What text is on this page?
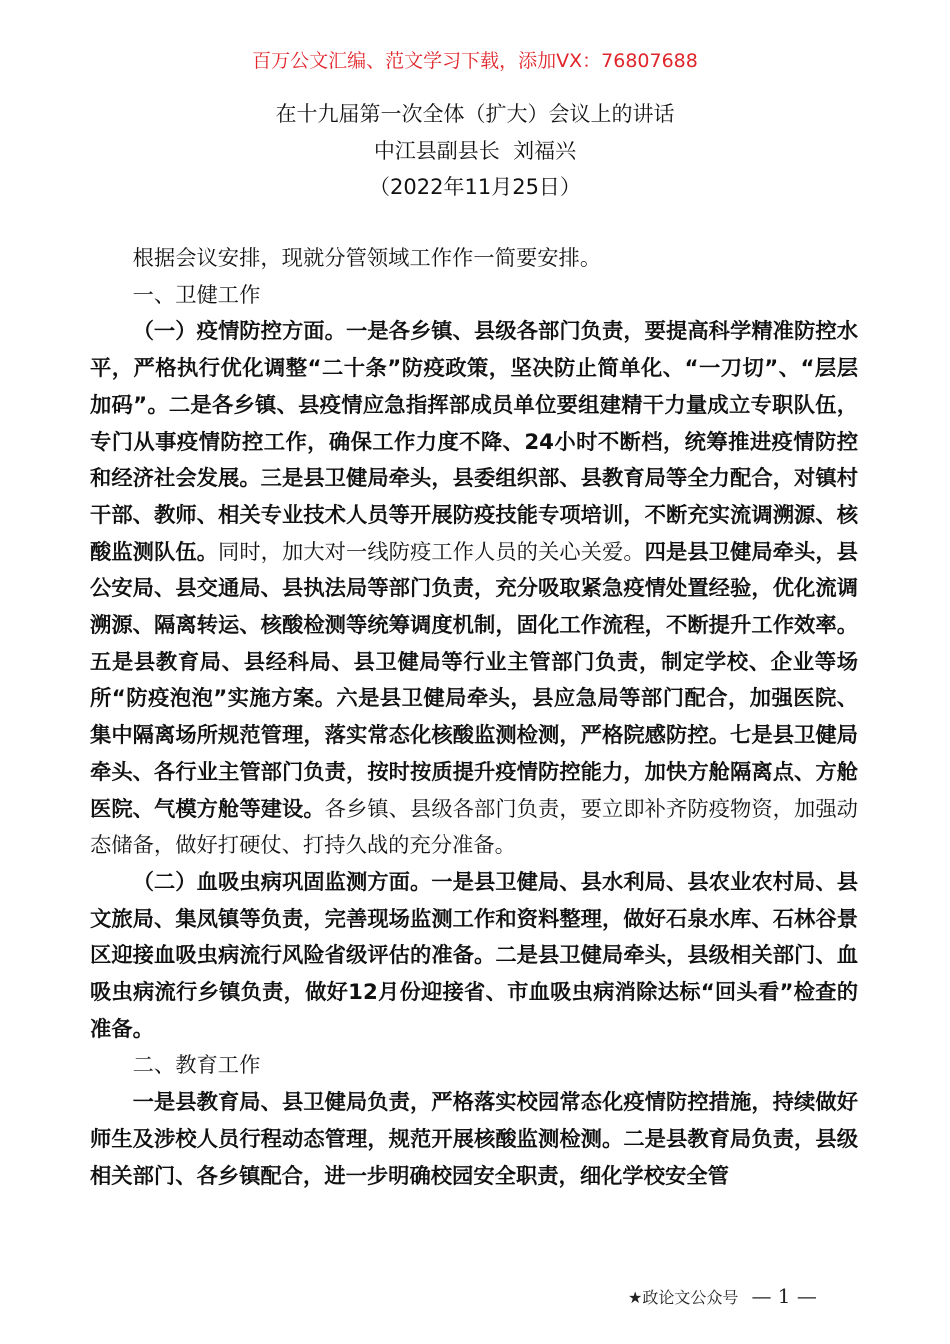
百万公文汇编、范文学习下载，添加VX：76807688
在十九届第一次全体（扩大）会议上的讲话
中江县副县长  刘福兴
（2022年11月25日）

根据会议安排，现就分管领域工作作一简要安排。

一、卫健工作

（一）疫情防控方面。一是各乡镇、县级各部门负责，要提高科学精准防控水平，严格执行优化调整“二十条”防疫政策，坚决防止简单化、“一刀切”、“层层加码”。二是各乡镇、县疫情应急指挥部成员单位要组建精干力量成立专职队伍，专门从事疫情防控工作，确保工作力度不降、24小时不断档，统筹推进疫情防控和经济社会发展。三是县卫健局牵头，县委组织部、县教育局等全力配合，对镇村干部、教师、相关专业技术人员等开展防疫技能专项培训，不断充实流调溯源、核酸监测队伍。同时，加大对一线防疫工作人员的关心关爱。四是县卫健局牵头，县公安局、县交通局、县执法局等部门负责，充分吸取紧急疫情处置经验，优化流调溯源、隔离转运、核酸检测等统筹调度机制，固化工作流程，不断提升工作效率。五是县教育局、县经科局、县卫健局等行业主管部门负责，制定学校、企业等场所“防疫泡泡”实施方案。六是县卫健局牵头，县应急局等部门配合，加强医院、集中隔离场所规范管理，落实常态化核酸监测检测，严格院感防控。七是县卫健局牵头、各行业主管部门负责，按时按质提升疫情防控能力，加快方舱隔离点、方舱医院、气模方舱等建设。各乡镇、县级各部门负责，要立即补齐防疫物资，加强动态储备，做好打硬仗、打持久战的充分准备。

（二）血吸虫病巩固监测方面。一是县卫健局、县水利局、县农业农村局、县文旅局、集凤镇等负责，完善现场监测工作和资料整理，做好石泉水库、石林谷景区迎接血吸虫病流行风险省级评估的准备。二是县卫健局牵头，县级相关部门、血吸虫病流行乡镇负责，做好12月份迎接省、市血吸虫病消除达标“回头看”检查的准备。

二、教育工作

一是县教育局、县卫健局负责，严格落实校园常态化疫情防控措施，持续做好师生及涉校人员行程动态管理，规范开展核酸监测检测。二是县教育局负责，县级相关部门、各乡镇配合，进一步明确校园安全职责，细化学校安全管

★政论文公众号 — 1 —
